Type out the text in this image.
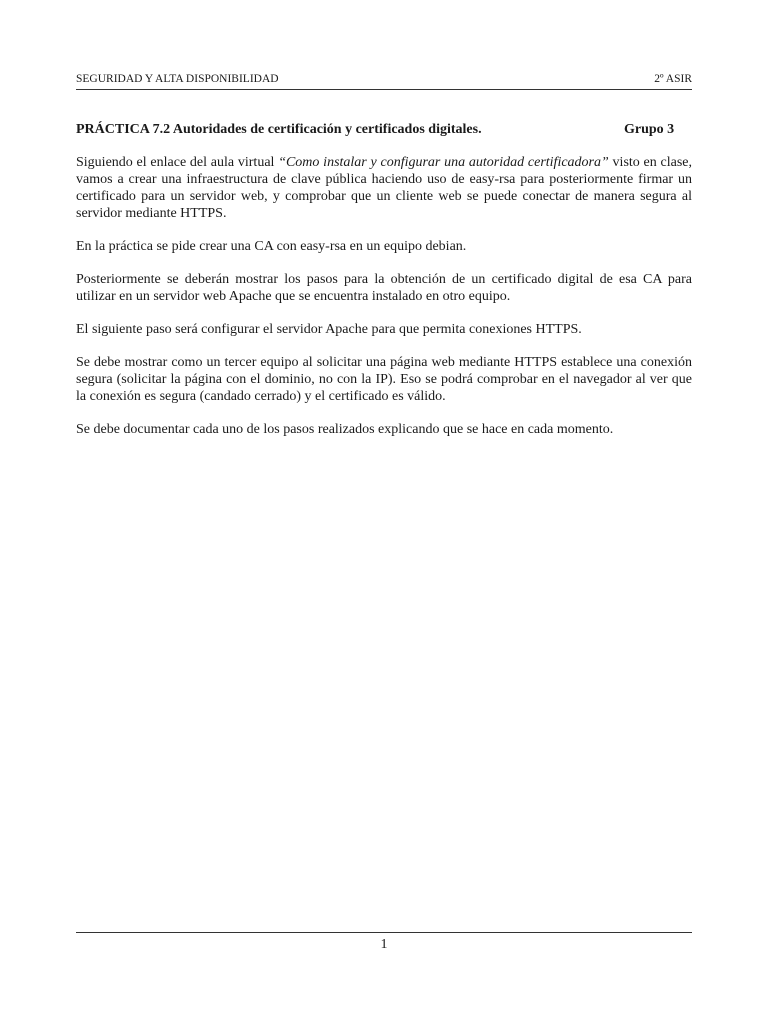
SEGURIDAD Y ALTA DISPONIBILIDAD	2º ASIR
PRÁCTICA 7.2 Autoridades de certificación y certificados digitales.	Grupo 3

Siguiendo el enlace del aula virtual “Como instalar y configurar una autoridad certificadora” visto en clase, vamos a crear una infraestructura de clave pública haciendo uso de easy-rsa para posteriormente firmar un certificado para un servidor web, y comprobar que un cliente web se puede conectar de manera segura al servidor mediante HTTPS.

En la práctica se pide crear una CA con easy-rsa en un equipo debian.

Posteriormente se deberán mostrar los pasos para la obtención de un certificado digital de esa CA para utilizar en un servidor web Apache que se encuentra instalado en otro equipo.

El siguiente paso será configurar el servidor Apache para que permita conexiones HTTPS.

Se debe mostrar como un tercer equipo al solicitar una página web mediante HTTPS establece una conexión segura (solicitar la página con el dominio, no con la IP). Eso se podrá comprobar en el navegador al ver que la conexión es segura (candado cerrado) y el certificado es válido.

Se debe documentar cada uno de los pasos realizados explicando que se hace en cada momento.

1
